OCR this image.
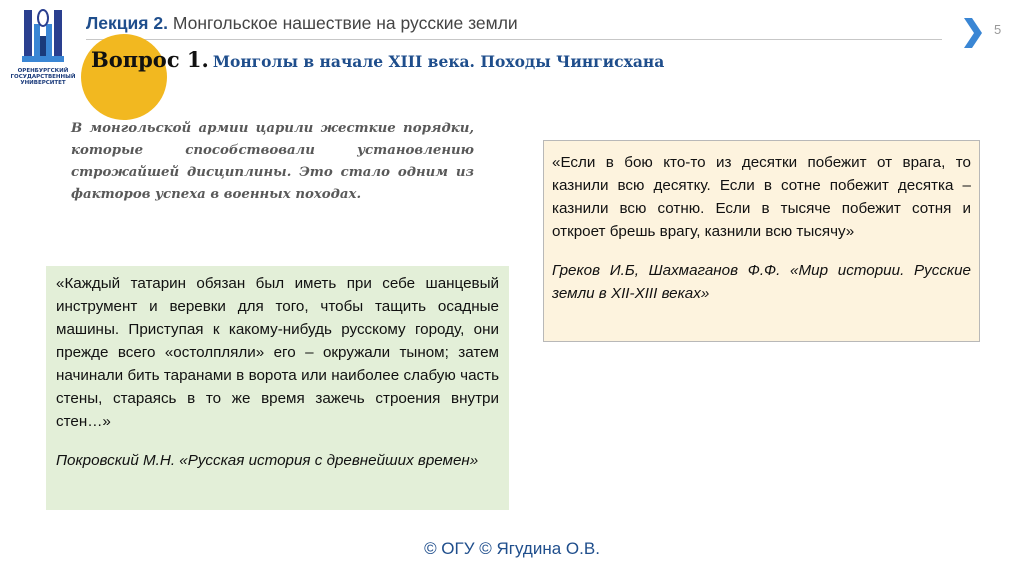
ОРЕНБУРГСКИЙ ГОСУДАРСТВЕННЫЙ УНИВЕРСИТЕТ
Лекция 2. Монгольское нашествие на русские земли	5
Вопрос 1. Монголы в начале XIII века. Походы Чингисхана
В монгольской армии царили жесткие порядки, которые способствовали установлению строжайшей дисциплины. Это стало одним из факторов успеха в военных походах.

«Если в бою кто-то из десятки побежит от врага, то казнили всю десятку. Если в сотне побежит десятка – казнили всю сотню. Если в тысяче побежит сотня и откроет брешь врагу, казнили всю тысячу»

Греков И.Б, Шахмаганов Ф.Ф. «Мир истории. Русские земли в XII-XIII веках»

«Каждый татарин обязан был иметь при себе шанцевый инструмент и веревки для того, чтобы тащить осадные машины. Приступая к какому-нибудь русскому городу, они прежде всего «остолпляли» его – окружали тыном; затем начинали бить таранами в ворота или наиболее слабую часть стены, стараясь в то же время зажечь строения внутри стен…»

Покровский М.Н. «Русская история с древнейших времен»

© ОГУ © Ягудина О.В.
